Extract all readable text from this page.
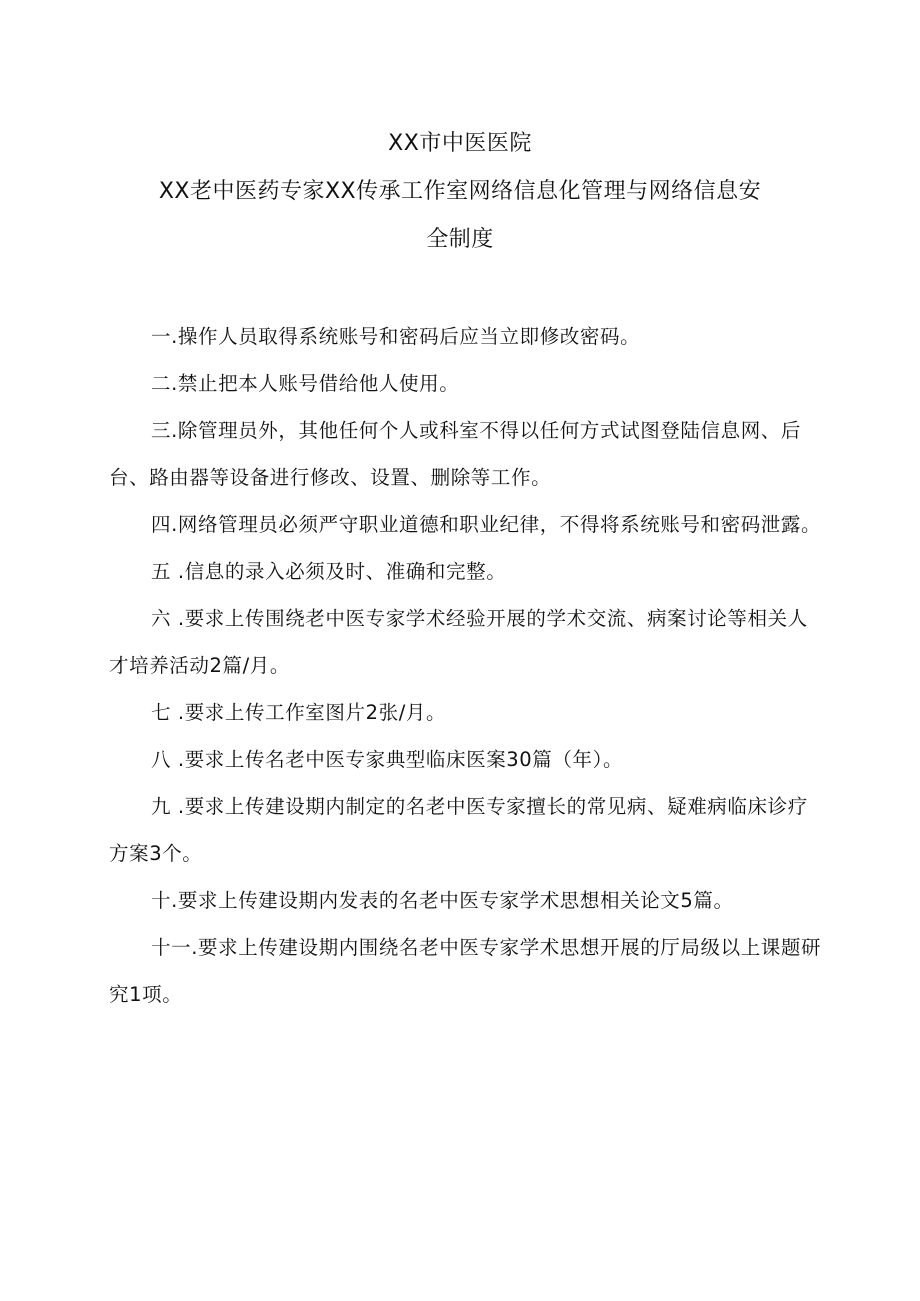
XX市中医医院
XX老中医药专家XX传承工作室网络信息化管理与网络信息安
全制度

一.操作人员取得系统账号和密码后应当立即修改密码。

二.禁止把本人账号借给他人使用。

三.除管理员外，其他任何个人或科室不得以任何方式试图登陆信息网、后台、路由器等设备进行修改、设置、删除等工作。

四.网络管理员必须严守职业道德和职业纪律，不得将系统账号和密码泄露。

五 .信息的录入必须及时、准确和完整。

六 .要求上传围绕老中医专家学术经验开展的学术交流、病案讨论等相关人才培养活动2篇/月。

七 .要求上传工作室图片2张/月。

八 .要求上传名老中医专家典型临床医案30篇（年）。

九 .要求上传建设期内制定的名老中医专家擅长的常见病、疑难病临床诊疗方案3个。

十.要求上传建设期内发表的名老中医专家学术思想相关论文5篇。

十一.要求上传建设期内围绕名老中医专家学术思想开展的厅局级以上课题研究1项。
